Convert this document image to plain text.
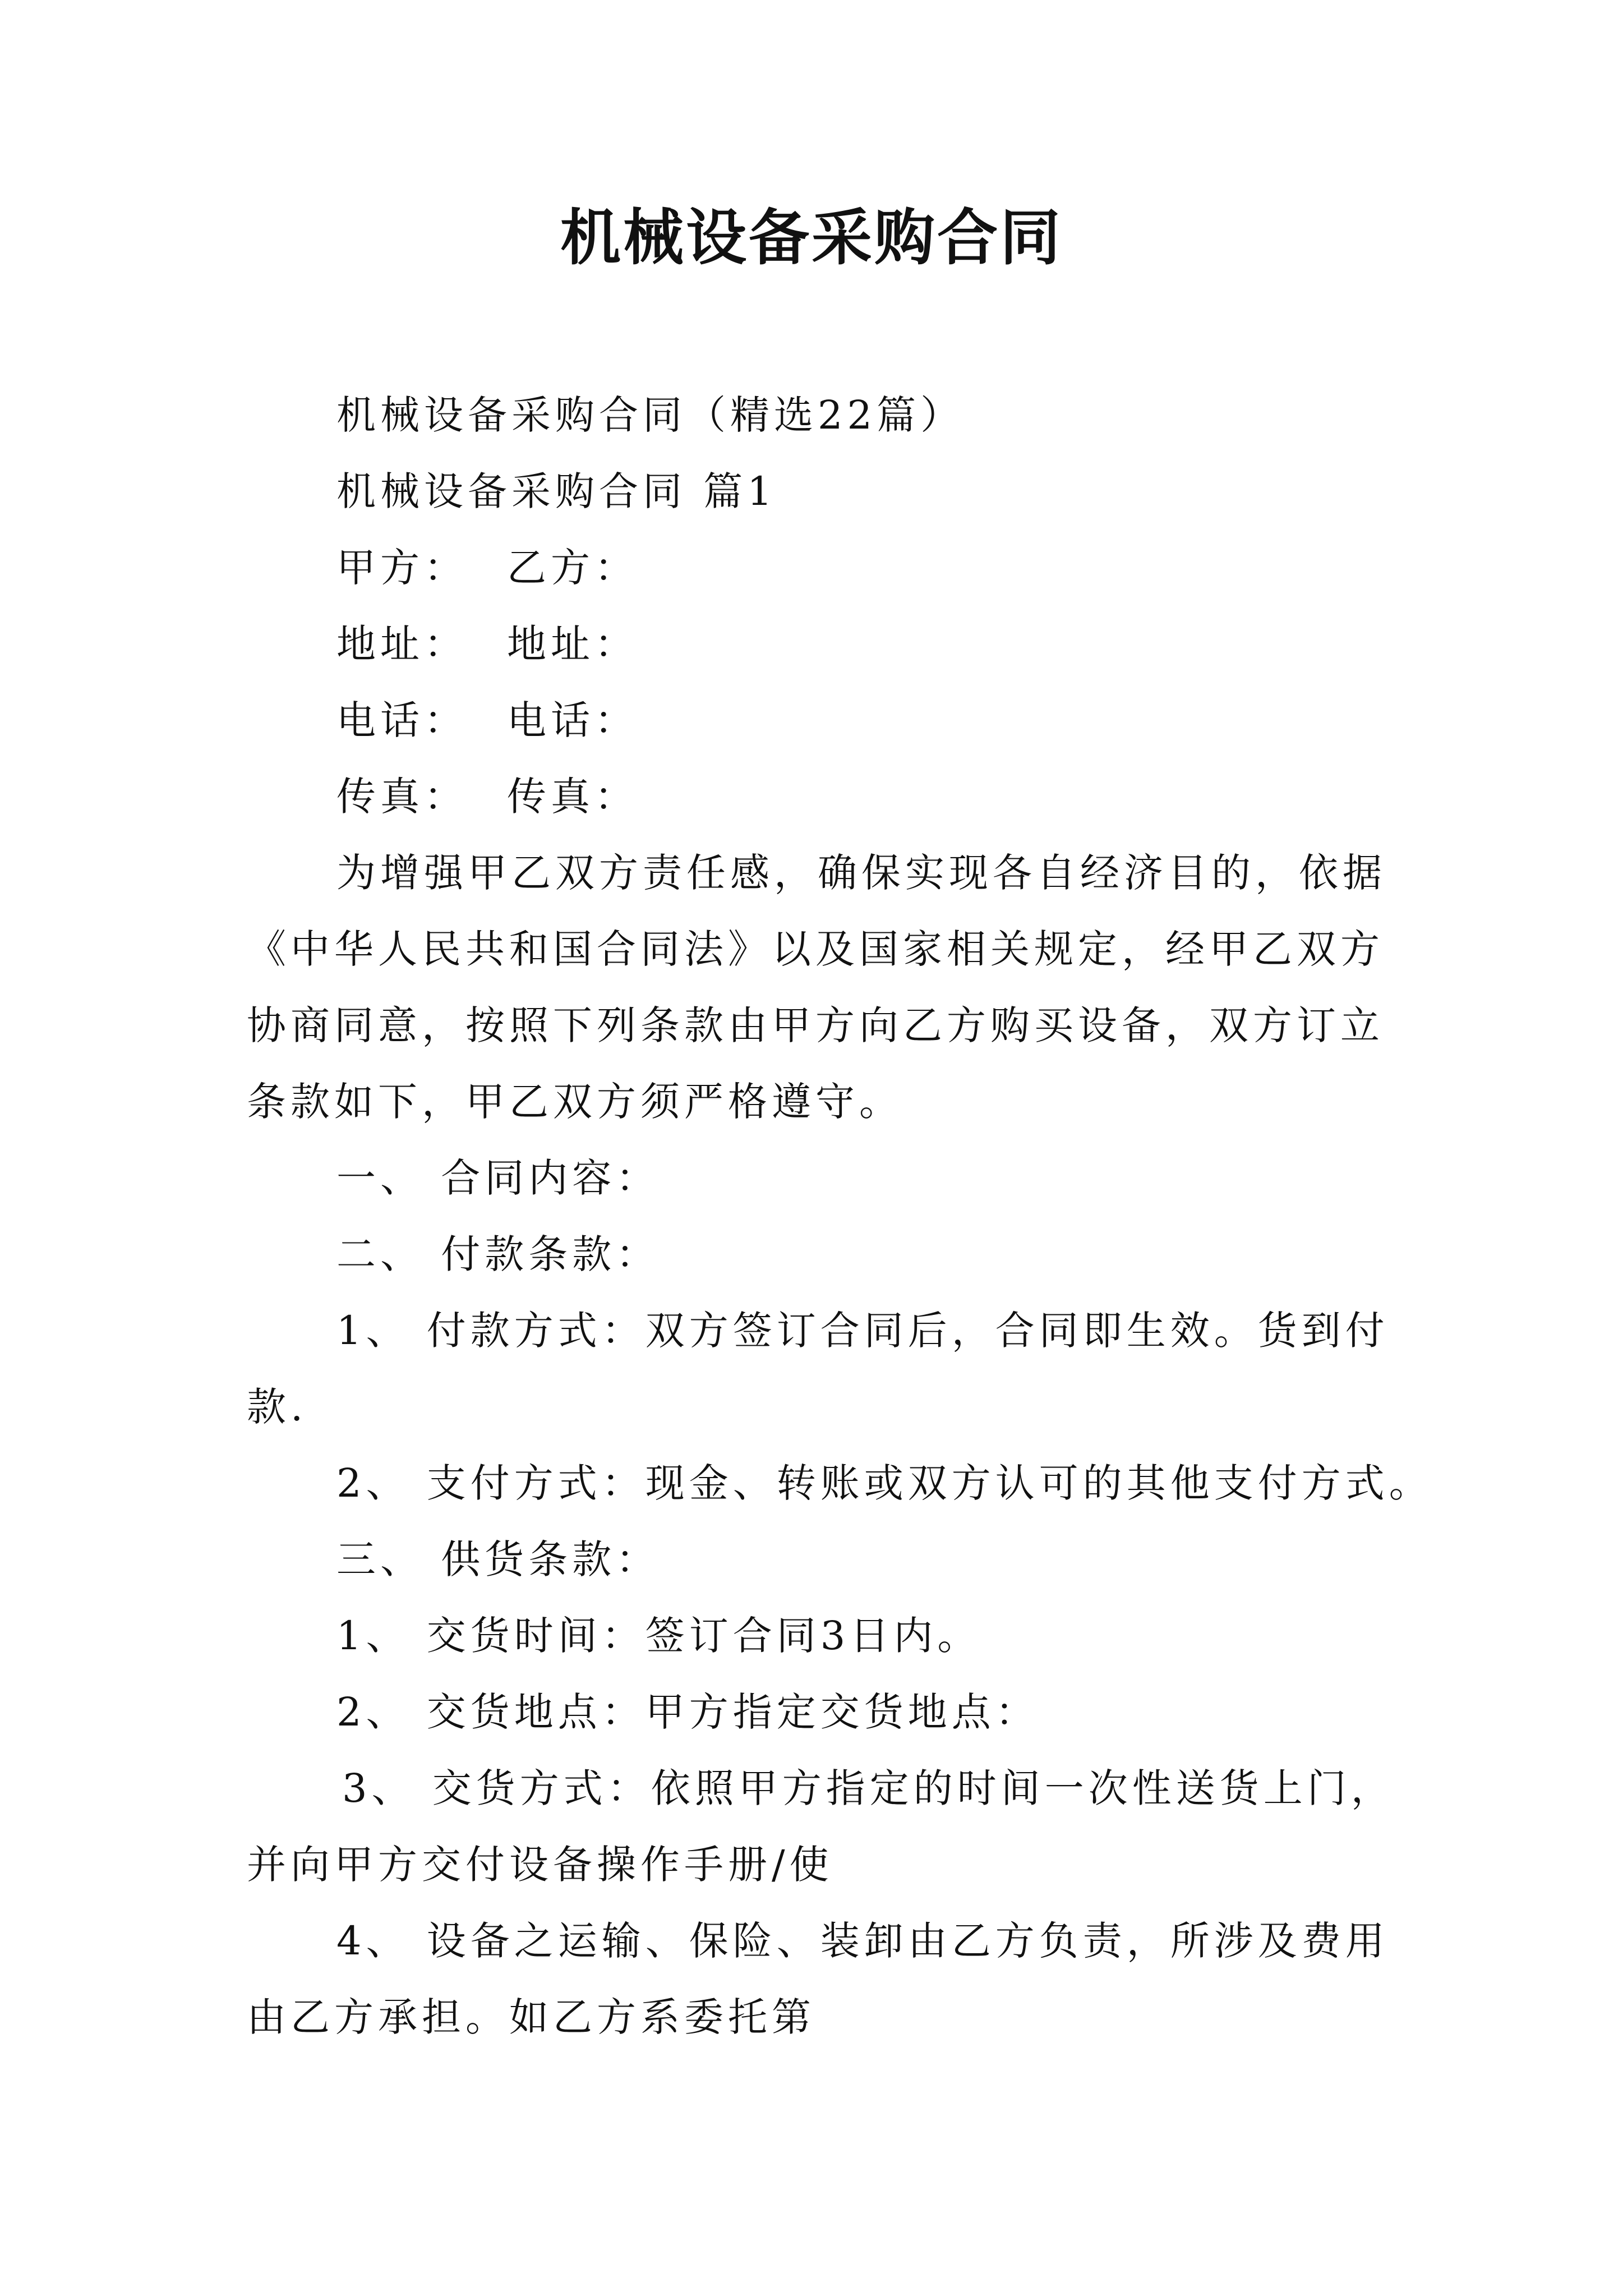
机械设备采购合同
机械设备采购合同（精选22篇）
机械设备采购合同 篇1
甲方： 乙方：
地址： 地址：
电话： 电话：
传真： 传真：
为增强甲乙双方责任感，确保实现各自经济目的，依据
《中华人民共和国合同法》以及国家相关规定，经甲乙双方
协商同意，按照下列条款由甲方向乙方购买设备，双方订立
条款如下，甲乙双方须严格遵守。
一、 合同内容：
二、 付款条款：
1、 付款方式：双方签订合同后，合同即生效。货到付
款.
2、 支付方式：现金、转账或双方认可的其他支付方式。
三、 供货条款：
1、 交货时间：签订合同3日内。
2、 交货地点：甲方指定交货地点：
3、 交货方式：依照甲方指定的时间一次性送货上门，
并向甲方交付设备操作手册/使
4、 设备之运输、保险、装卸由乙方负责，所涉及费用
由乙方承担。如乙方系委托第
